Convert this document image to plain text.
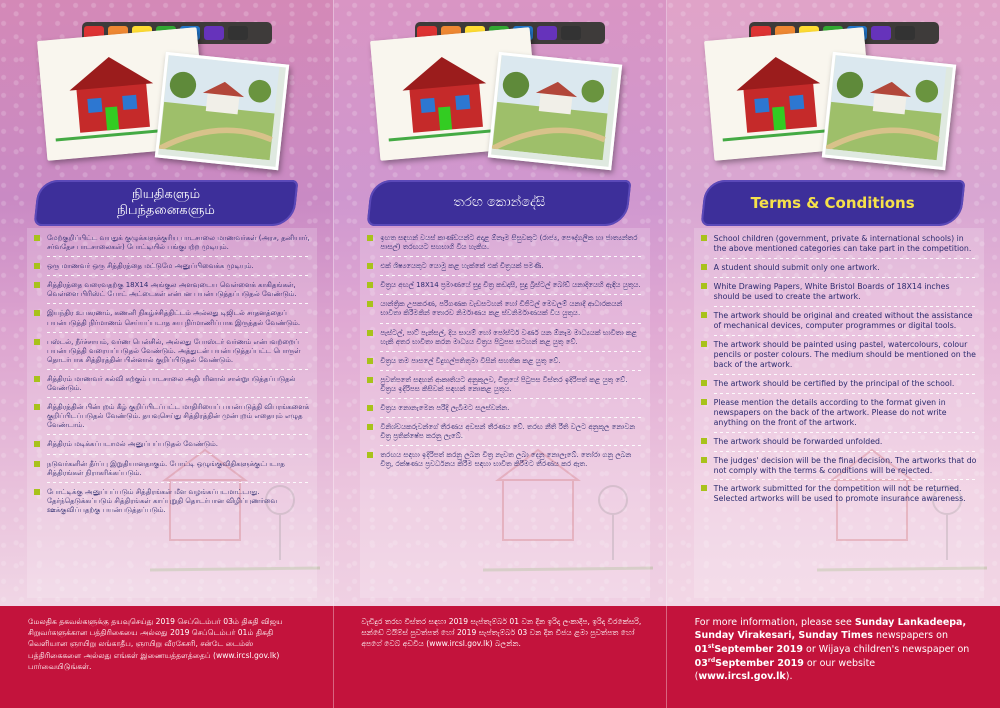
நியதிகளும்
நிபந்தனைகளும்
மேற்குறிப்பிட்ட வயதுக் குழுக்களுக்குரிய பாடசாலை மாணவர்கள் (அரச, தனியார், சர்வதேச பாடசாலைகள்) போட்டியில் பங்குபற்ற முடியும்.
ஒரு மாணவர் ஒரு சித்திரத்தை மட்டுமே அனுப்பிவைக்க முடியும்.
சித்திரத்தை வரைவதற்கு 18X14 அங்குல அளவுடைய வெள்ளைக் காகிதங்கள், வெள்ளை பிரிஸ்ட் போட் அட்டைகள் என்பன பயன்படுத்தப்படுதல் வேண்டும்.
இயந்திர உபகரணம், கணனி நிகழ்ச்சித்திட்டம் அல்லது டிஜிடல் சாதனத்தைப் பயன்படுத்தி நிர்மாணம் செய்யப்படாத சுய நிர்மாணிப்பாக இருத்தல் வேண்டும்.
பஸ்டல், நீர்ச்சாயம், வர்ண பென்சில், அல்லது போஸ்டர் வர்ணம் என்பவற்றைப் பயன்படுத்தி வரையப்படுதல் வேண்டும். அத்துடன் பயன்படுத்தப்பட்ட பொருள் தொடர்பாக சித்திரத்தின் பின்னால் குறிப்பிடுதல் வேண்டும்.
சித்திரம் மாணவர் கல்வி கற்கும் பாடசாலை அதிபரினால் சான்றுபடுத்தப்படுதல் வேண்டும்.
சித்திரத்தின் பின்புறம் கீழ் குறிப்பிடப்பட்ட மாதிரியைப் பயன்படுத்தி விபரங்களைக் குறிப்பிடப்படுதல் வேண்டும். தயவுசெய்து சித்திரத்தின் முன்புறம் எதையும் எழுத வேண்டாம்.
சித்திரம் மடிக்கப்படாமல் அனுப்பப்படுதல் வேண்டும்.
நடுவர்களின் தீர்ப்பு இறுதியானதாகும். போட்டி ஒழுங்குவிதிகளுக்குட்படாத சித்திரங்கள் நிராகரிக்கப்படும்.
போட்டிக்கு அனுப்பப்படும் சித்திரங்கள் மீள வழங்கப்படமாட்டாது. தேர்ந்தெடுக்கப்படும் சித்திரங்கள் காப்புறுதி தொடர்பான விழிப்புணர்வை ஊக்குவிப்பதற்கு பயன்படுத்தப்படும்.
மேலதிக தகவல்களுக்கு தயவுசெய்து 2019 செப்டெம்பர் 03ம் திகதி விஜய சிறுவர்களுக்கான பத்திரிகையை அல்லது 2019 செப்டெம்பர் 01ம் திகதி வெளியான ஞாயிறு லங்காதீப, ஞாயிறு வீரகேசரி, சன்டே டைம்ஸ் பத்திரிகைகளை அல்லது எங்கள் இணையத்தளத்தைப் (www.ircsl.gov.lk) பார்வையிடுங்கள்.
තරඟ කොන්දේසි
ඉහත සඳහන් වයස් කාණ්ඩයන්ට අදාළ ඕනෑම සිසුවකුට (රාජ්‍ය, පෞද්ගලික හා ජාත්‍යන්තර පාසල්) තරඟයට සහභාගි විය හැකිය.
එක් ශිෂ්‍යයෙකුට යොමු කළ හැක්කේ එක් චිත්‍රයක් පමණි.
චිත්‍රය අඟල් 18X14 ප්‍රමාණයේ සුදු චිත්‍ර කඩදාසි, සුදු බ්‍රිස්ටල් බෝඩ් යනාදියෙහි ඇඳිය යුතුය.
යාන්ත්‍රික උපකරණ, පරිගණක වැඩසටහන් හෝ ඩිජිටල් මෙවලම් යනාදී ආධාරකයන් භාවිතා කිරීමකින් තොරව නිර්මාණය කළ ස්වනිර්මාණයක් විය යුතුය.
පැස්ටල්, පාට් පැන්සල්, දිය සායම් හෝ පෝස්ටර් වර්ණ යන ඕනෑම මාධ්‍යයක් භාවිතා කළ හැකි අතර භාවිතා කරන මාධ්‍යය චිත්‍රය පිටුපස සටහන් කළ යුතු වේ.
චිත්‍රය තම පාසලේ විදුහල්පතිතුමා විසින් සහතික කළ යුතු වේ.
පුවත්පතේ සඳහන් ආකෘතියට අනුකූලව, චිත්‍රයේ පිටුපස විස්තර ඉදිරිපත් කළ යුතු වේ. චිත්‍රය ඉදිරිපස කිසිවක් සඳහන් නොකළ යුතුය.
චිත්‍රය නොනැමෙන පරිදි ලැබීමට සලස්වන්න.
විනිශ්චයකරුවන්ගේ තීරණය අවසන් තීරණය වේ. තරඟ නීති රීති වලට අනුකූල නොවන චිත්‍ර ප්‍රතික්ෂේප කරනු ලැබේ.
තරඟය සඳහා ඉදිරිපත් කරනු ලබන චිත්‍ර නැවත ලබා දෙනු නොලැබේ. තෝරා ගනු ලබන චිත්‍ර, රක්ෂණය ප්‍රවර්ධනය කිරීම සඳහා භාවිත කිරීමට තීරණය කර ඇත.
වැඩිදුර තරඟ විස්තර සඳහා 2019 සැප්තැම්බර් 01 වන දින ඉරිදා ලංකාදීප, ඉරිදා වීරකේසරි, සන්ඩේ ටයිම්ස් පුවත්පත් හෝ 2019 සැප්තැම්බර් 03 වන දින විජය ළමා පුවත්පත හෝ අපගේ වෙබ් අඩවිය (www.ircsl.gov.lk) බලන්න.
Terms & Conditions
School children (government, private & international schools) in the above mentioned categories can take part in the competition.
A student should submit only one artwork.
White Drawing Papers, White Bristol Boards of 18X14 inches should be used to create the artwork.
The artwork should be original and created without the assistance of mechanical devices, computer programmes or digital tools.
The artwork should be painted using pastel, watercolours, colour pencils or poster colours. The medium should be mentioned on the back of the artwork.
The artwork should be certified by the principal of the school.
Please mention the details according to the format given in newspapers on the back of the artwork. Please do not write anything on the front of the artwork.
The artwork should be forwarded unfolded.
The judges' decision will be the final decision. The artworks that do not comply with the terms & conditions will be rejected.
The artwork submitted for the competition will not be returned. Selected artworks will be used to promote insurance awareness.
For more information, please see Sunday Lankadeepa, Sunday Virakesari, Sunday Times newspapers on 01stSeptember 2019 or Wijaya children's newspaper on 03rdSeptember 2019 or our website (www.ircsl.gov.lk).
